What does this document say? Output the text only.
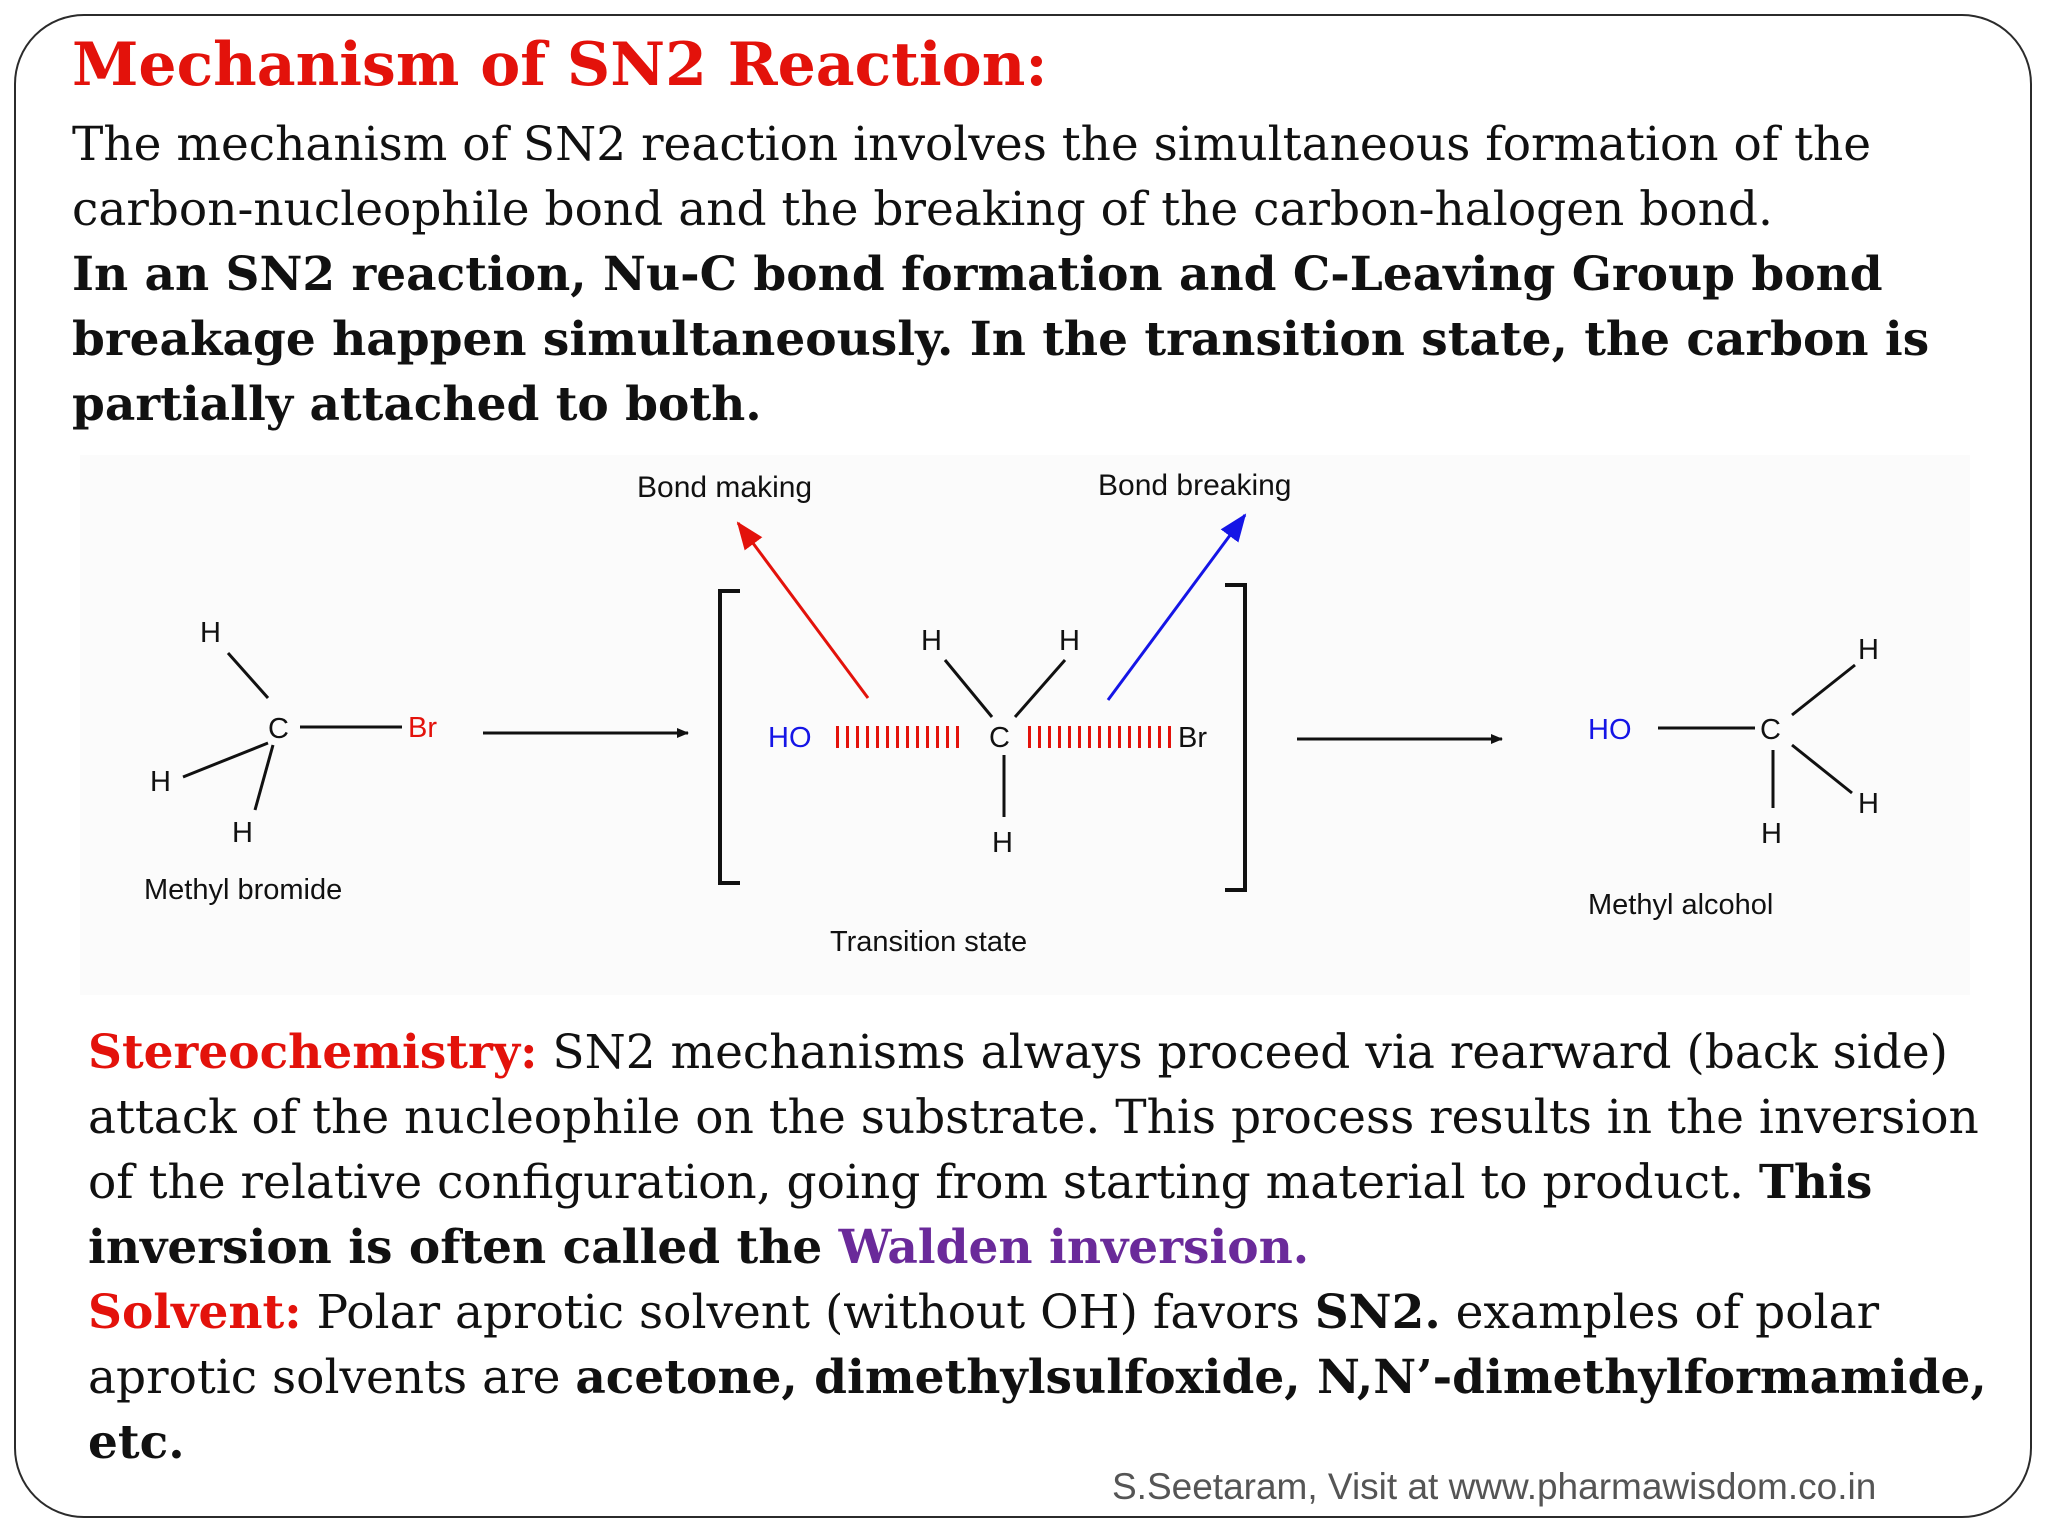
Mechanism of SN2 Reaction:
The mechanism of SN2 reaction involves the simultaneous formation of the carbon-nucleophile bond and the breaking of the carbon-halogen bond.
In an SN2 reaction, Nu-C bond formation and C-Leaving Group bond breakage happen simultaneously. In the transition state, the carbon is partially attached to both.
H
C	Br
H
H
Methyl bromide
Bond making	Bond breaking
H	H
H
HO	C	Br
Transition state
HO	C
H
H
H
Methyl alcohol
Stereochemistry: SN2 mechanisms always proceed via rearward (back side) attack of the nucleophile on the substrate. This process results in the inversion of the relative configuration, going from starting material to product. This inversion is often called the Walden inversion.
Solvent: Polar aprotic solvent (without OH) favors SN2. examples of polar aprotic solvents are acetone, dimethylsulfoxide, N,N’-dimethylformamide, etc.
S.Seetaram, Visit at www.pharmawisdom.co.in
